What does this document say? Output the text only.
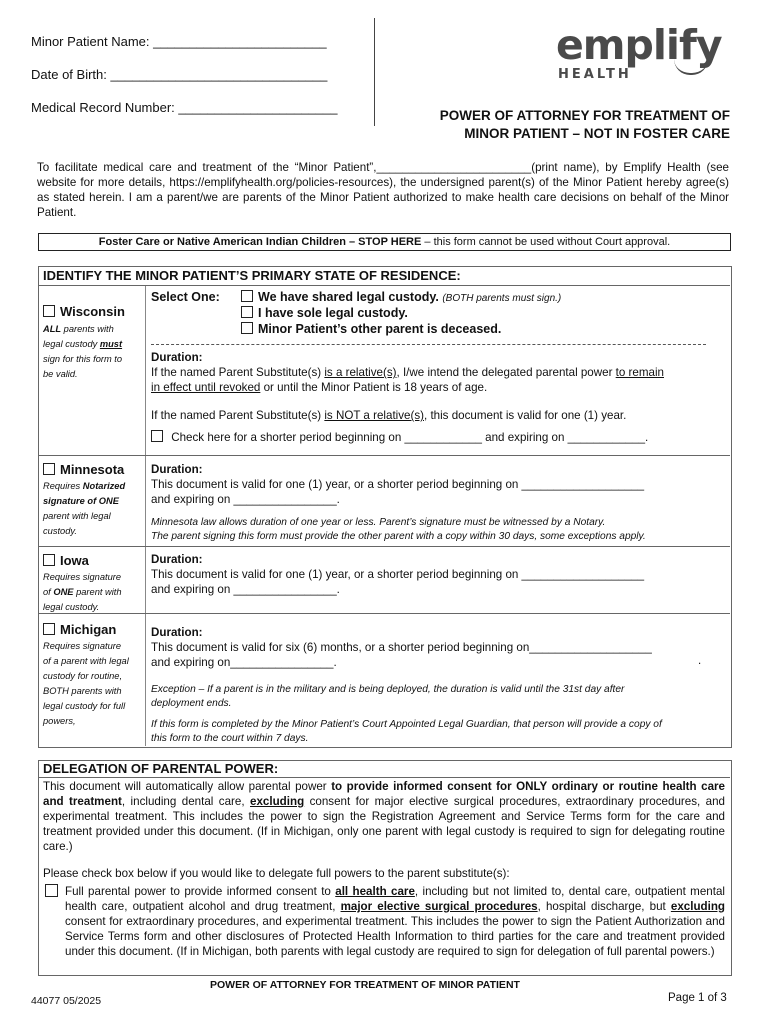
Minor Patient Name: ________________________
Date of Birth: ______________________________
Medical Record Number: ______________________
emplify
HEALTH
POWER OF ATTORNEY FOR TREATMENT OF
MINOR PATIENT – NOT IN FOSTER CARE
To facilitate medical care and treatment of the “Minor Patient”,________________________(print name), by Emplify Health (see website for more details, https://emplifyhealth.org/policies-resources), the undersigned parent(s) of the Minor Patient hereby agree(s) as stated herein. I am a parent/we are parents of the Minor Patient authorized to make health care decisions on behalf of the Minor Patient.
Foster Care or Native American Indian Children – STOP HERE – this form cannot be used without Court approval.
IDENTIFY THE MINOR PATIENT’S PRIMARY STATE OF RESIDENCE:
Wisconsin
ALL parents with
legal custody must
sign for this form to
be valid.
Select One:	We have shared legal custody. (BOTH parents must sign.)
I have sole legal custody.
Minor Patient’s other parent is deceased.
Duration:
If the named Parent Substitute(s) is a relative(s), I/we intend the delegated parental power to remain
in effect until revoked or until the Minor Patient is 18 years of age.
If the named Parent Substitute(s) is NOT a relative(s), this document is valid for one (1) year.
Check here for a shorter period beginning on ____________ and expiring on ____________.
Minnesota
Requires Notarized
signature of ONE
parent with legal
custody.
Duration:
This document is valid for one (1) year, or a shorter period beginning on ___________________
and expiring on ________________.
Minnesota law allows duration of one year or less. Parent’s signature must be witnessed by a Notary.
The parent signing this form must provide the other parent with a copy within 30 days, some exceptions apply.
Iowa
Requires signature
of ONE parent with
legal custody.
Duration:
This document is valid for one (1) year, or a shorter period beginning on ___________________
and expiring on ________________.
Michigan
Requires signature
of a parent with legal
custody for routine,
BOTH parents with
legal custody for full
powers,
Duration:
This document is valid for six (6) months, or a shorter period beginning on___________________
and expiring on________________.	.
Exception – If a parent is in the military and is being deployed, the duration is valid until the 31st day after
deployment ends.
If this form is completed by the Minor Patient’s Court Appointed Legal Guardian, that person will provide a copy of
this form to the court within 7 days.
DELEGATION OF PARENTAL POWER:
This document will automatically allow parental power to provide informed consent for ONLY ordinary or routine health care and treatment, including dental care, excluding consent for major elective surgical procedures, extraordinary procedures, and experimental treatment. This includes the power to sign the Registration Agreement and Service Terms form for the care and treatment provided under this document. (If in Michigan, only one parent with legal custody is required to sign for delegating routine care.)
Please check box below if you would like to delegate full powers to the parent substitute(s):
Full parental power to provide informed consent to all health care, including but not limited to, dental care, outpatient mental health care, outpatient alcohol and drug treatment, major elective surgical procedures, hospital discharge, but excluding consent for extraordinary procedures, and experimental treatment. This includes the power to sign the Patient Authorization and Service Terms form and other disclosures of Protected Health Information to third parties for the care and treatment provided under this document. (If in Michigan, both parents with legal custody are required to sign for delegation of full parental powers.)
POWER OF ATTORNEY FOR TREATMENT OF MINOR PATIENT
44077 05/2025	Page 1 of 3
